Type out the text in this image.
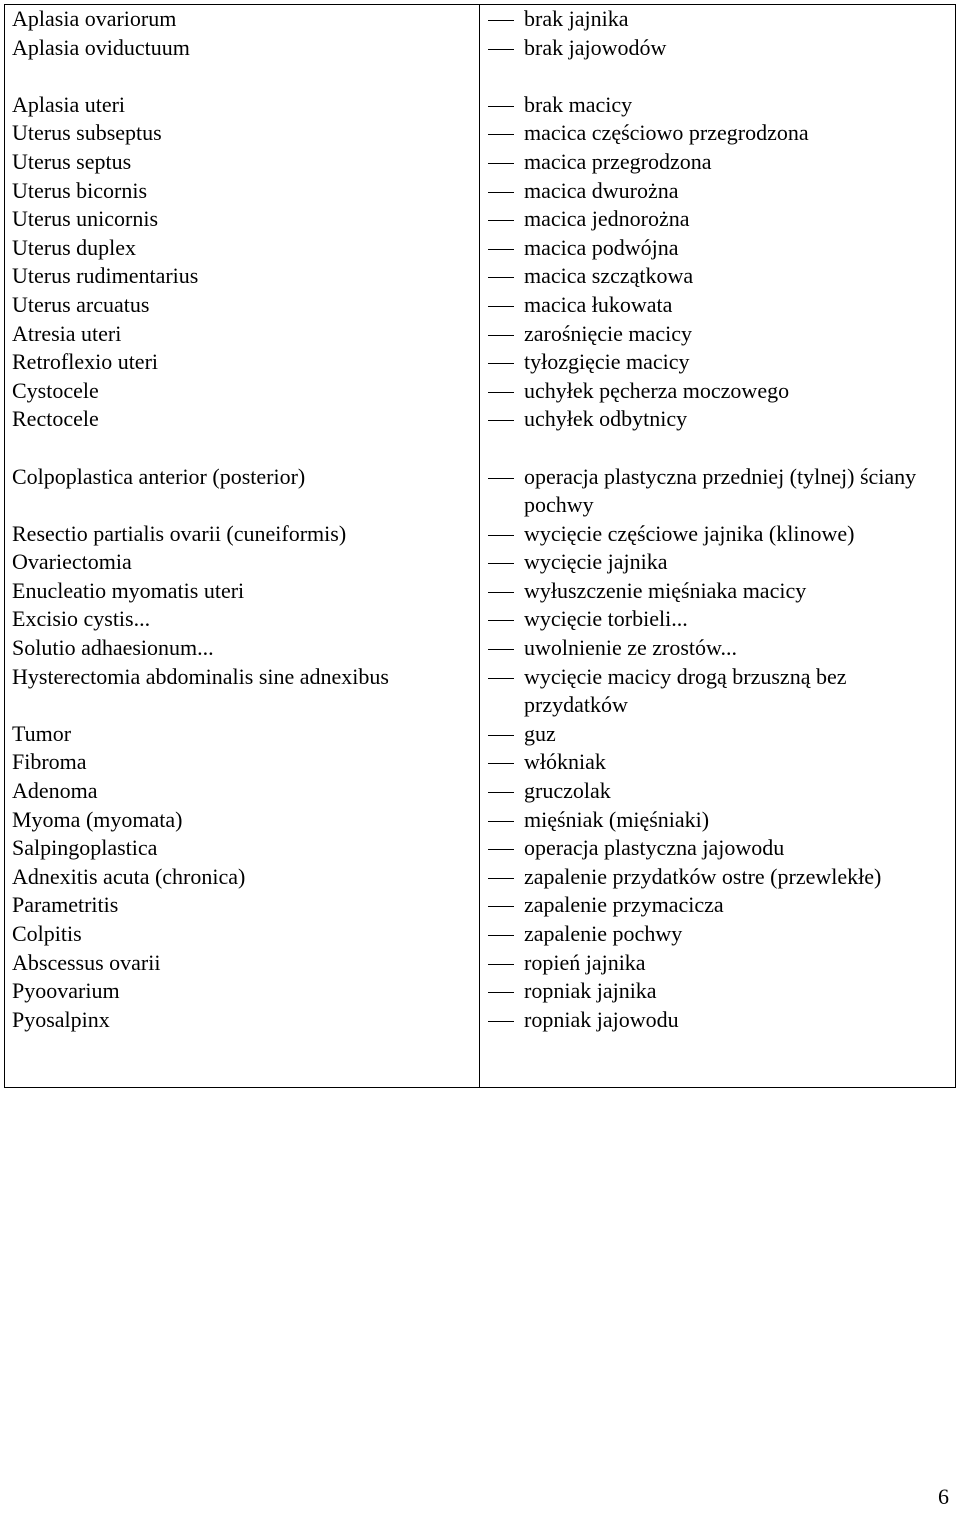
Aplasia ovariorum
Aplasia oviductuum
Aplasia uteri
Uterus subseptus
Uterus septus
Uterus bicornis
Uterus unicornis
Uterus duplex
Uterus rudimentarius
Uterus arcuatus
Atresia uteri
Retroflexio uteri
Cystocele
Rectocele
Colpoplastica anterior (posterior)
Resectio partialis ovarii (cuneiformis)
Ovariectomia
Enucleatio myomatis uteri
Excisio cystis...
Solutio adhaesionum...
Hysterectomia abdominalis sine adnexibus
Tumor
Fibroma
Adenoma
Myoma (myomata)
Salpingoplastica
Adnexitis acuta (chronica)
Parametritis
Colpitis
Abscessus ovarii
Pyoovarium
Pyosalpinx
brak jajnika
brak jajowodów
brak macicy
macica częściowo przegrodzona
macica przegrodzona
macica dwurożna
macica jednorożna
macica podwójna
macica szczątkowa
macica łukowata
zarośnięcie macicy
tyłozgięcie macicy
uchyłek pęcherza moczowego
uchyłek odbytnicy
operacja plastyczna przedniej (tylnej) ściany
pochwy
wycięcie częściowe jajnika (klinowe)
wycięcie jajnika
wyłuszczenie mięśniaka macicy
wycięcie torbieli...
uwolnienie ze zrostów...
wycięcie macicy drogą brzuszną bez
przydatków
guz
włókniak
gruczolak
mięśniak (mięśniaki)
operacja plastyczna jajowodu
zapalenie przydatków ostre (przewlekłe)
zapalenie przymacicza
zapalenie pochwy
ropień jajnika
ropniak jajnika
ropniak jajowodu
6
